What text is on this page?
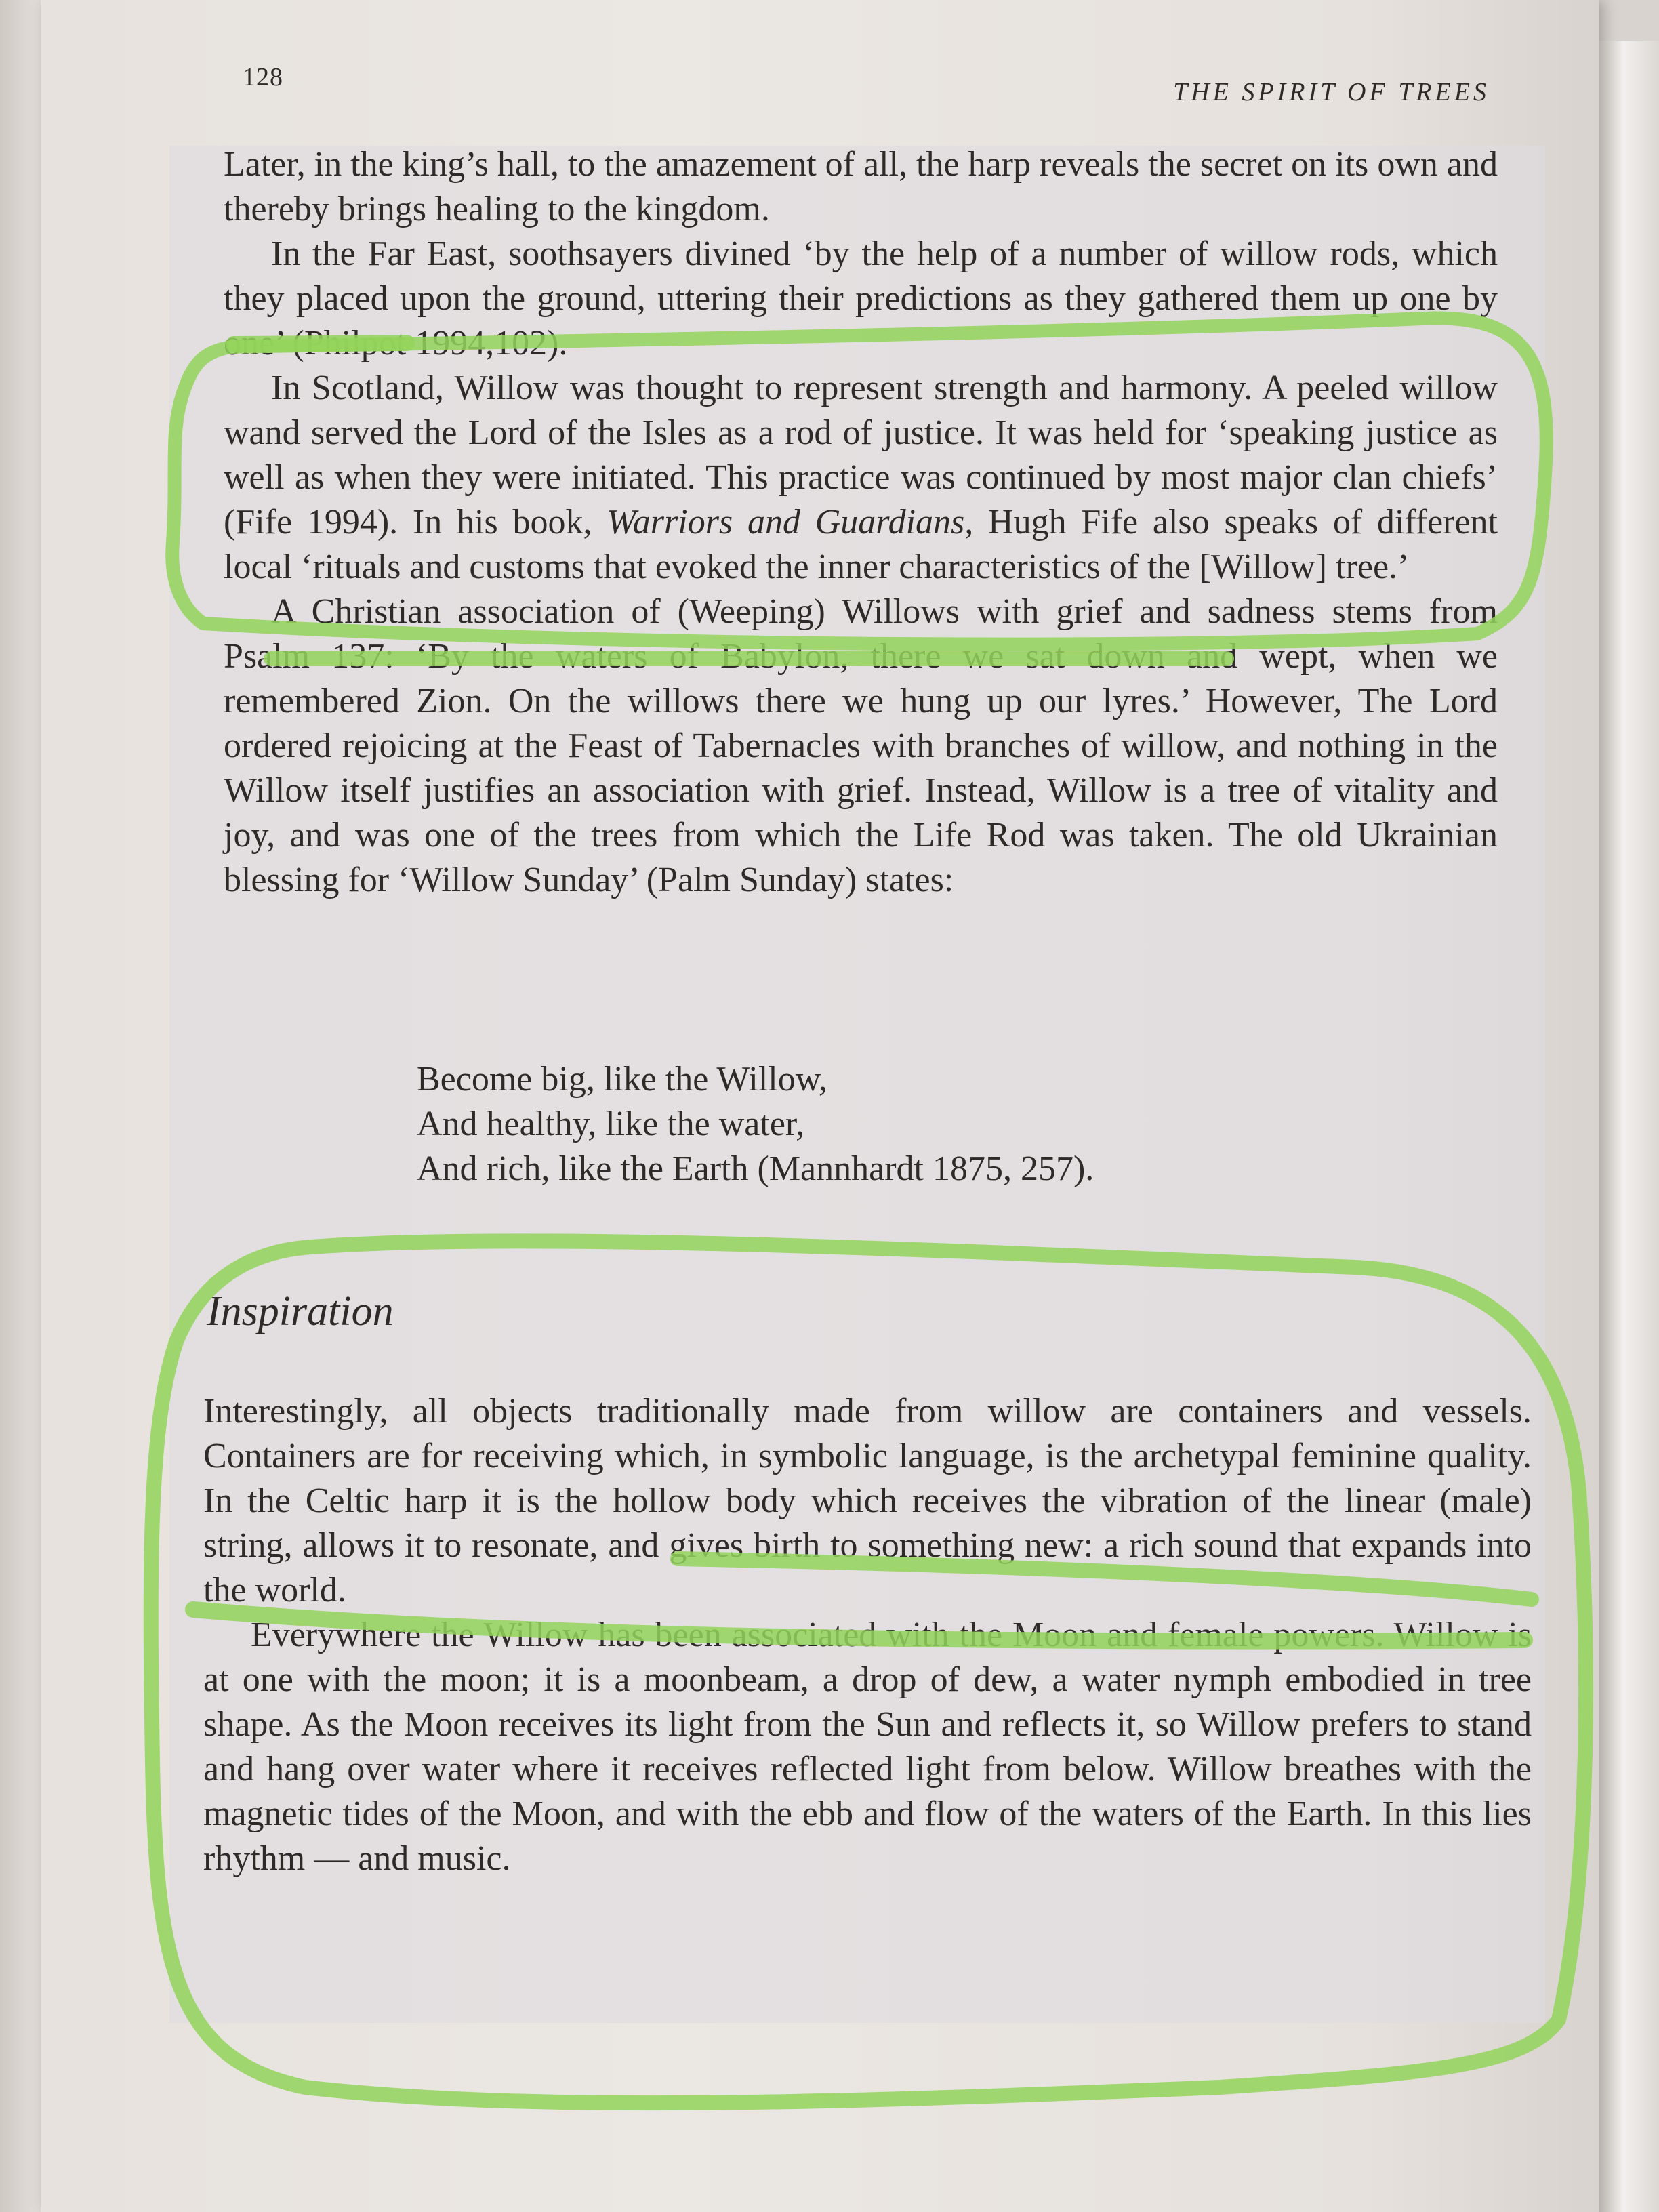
128
THE SPIRIT OF TREES

Later, in the king’s hall, to the amazement of all, the harp reveals the secret on its own and thereby brings healing to the kingdom.

In the Far East, soothsayers divined ‘by the help of a number of willow rods, which they placed upon the ground, uttering their predictions as they gathered them up one by one’ (Philpot 1994,102).

In Scotland, Willow was thought to represent strength and harmony. A peeled willow wand served the Lord of the Isles as a rod of justice. It was held for ‘speaking justice as well as when they were initiated. This practice was continued by most major clan chiefs’ (Fife 1994). In his book, Warriors and Guardians, Hugh Fife also speaks of different local ‘rituals and customs that evoked the inner characteristics of the [Willow] tree.’

A Christian association of (Weeping) Willows with grief and sadness stems from Psalm 137: ‘By the waters of Babylon, there we sat down and wept, when we remembered Zion. On the willows there we hung up our lyres.’ However, The Lord ordered rejoicing at the Feast of Tabernacles with branches of willow, and nothing in the Willow itself justifies an association with grief. Instead, Willow is a tree of vitality and joy, and was one of the trees from which the Life Rod was taken. The old Ukrainian blessing for ‘Willow Sunday’ (Palm Sunday) states:

Become big, like the Willow,
And healthy, like the water,
And rich, like the Earth (Mannhardt 1875, 257).
Inspiration

Interestingly, all objects traditionally made from willow are containers and vessels. Containers are for receiving which, in symbolic language, is the archetypal feminine quality. In the Celtic harp it is the hollow body which receives the vibration of the linear (male) string, allows it to resonate, and gives birth to something new: a rich sound that expands into the world.

Everywhere the Willow has been associated with the Moon and female powers. Willow is at one with the moon; it is a moonbeam, a drop of dew, a water nymph embodied in tree shape. As the Moon receives its light from the Sun and reflects it, so Willow prefers to stand and hang over water where it receives reflected light from below. Willow breathes with the magnetic tides of the Moon, and with the ebb and flow of the waters of the Earth. In this lies rhythm — and music.
